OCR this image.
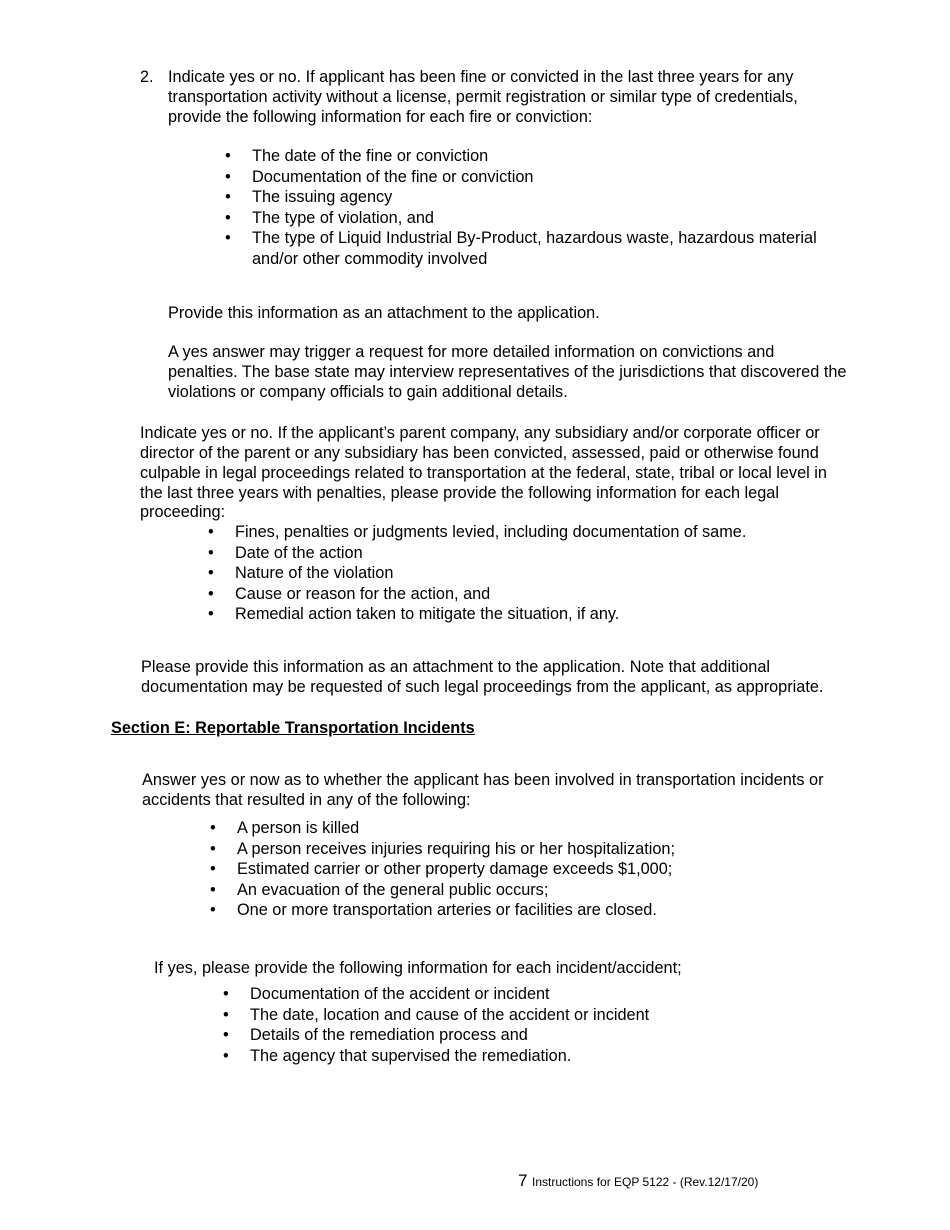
2. Indicate yes or no. If applicant has been fine or convicted in the last three years for any transportation activity without a license, permit registration or similar type of credentials, provide the following information for each fire or conviction:

• The date of the fine or conviction
• Documentation of the fine or conviction
• The issuing agency
• The type of violation, and
• The type of Liquid Industrial By-Product, hazardous waste, hazardous material and/or other commodity involved

Provide this information as an attachment to the application.

A yes answer may trigger a request for more detailed information on convictions and penalties. The base state may interview representatives of the jurisdictions that discovered the violations or company officials to gain additional details.

Indicate yes or no. If the applicant’s parent company, any subsidiary and/or corporate officer or director of the parent or any subsidiary has been convicted, assessed, paid or otherwise found culpable in legal proceedings related to transportation at the federal, state, tribal or local level in the last three years with penalties, please provide the following information for each legal proceeding:

• Fines, penalties or judgments levied, including documentation of same.
• Date of the action
• Nature of the violation
• Cause or reason for the action, and
• Remedial action taken to mitigate the situation, if any.

Please provide this information as an attachment to the application. Note that additional documentation may be requested of such legal proceedings from the applicant, as appropriate.

Section E: Reportable Transportation Incidents

Answer yes or now as to whether the applicant has been involved in transportation incidents or accidents that resulted in any of the following:

• A person is killed
• A person receives injuries requiring his or her hospitalization;
• Estimated carrier or other property damage exceeds $1,000;
• An evacuation of the general public occurs;
• One or more transportation arteries or facilities are closed.

If yes, please provide the following information for each incident/accident;

• Documentation of the accident or incident
• The date, location and cause of the accident or incident
• Details of the remediation process and
• The agency that supervised the remediation.
7 Instructions for EQP 5122 - (Rev.12/17/20)
